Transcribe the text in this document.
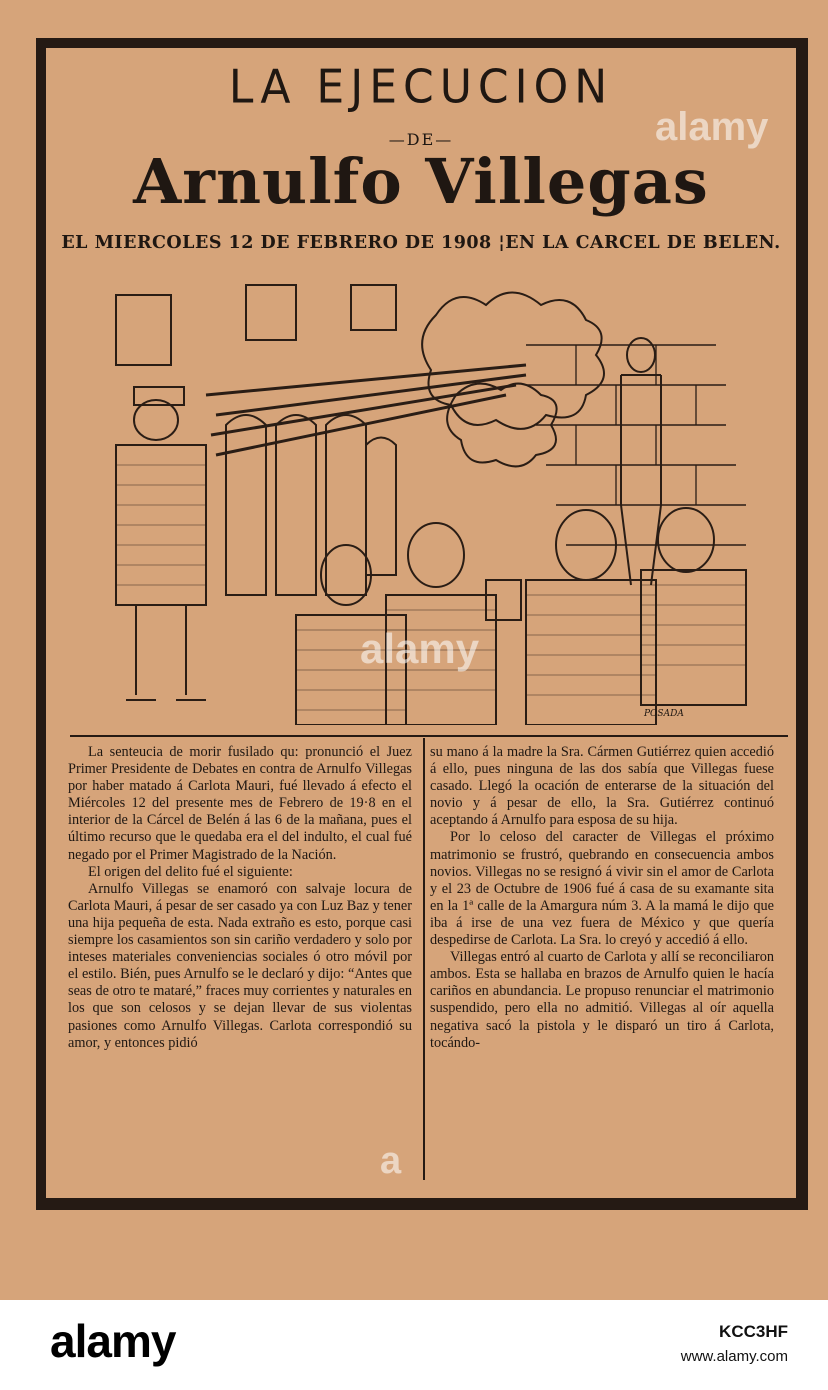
LA EJECUCION
—DE—
Arnulfo Villegas
EL MIERCOLES 12 DE FEBRERO DE 1908 ¦EN LA CARCEL DE BELEN.
POSADA

La senteucia de morir fusilado qu: pronunció el Juez Primer Presidente de Debates en contra de Arnulfo Villegas por haber matado á Carlota Mauri, fué llevado á efecto el Miércoles 12 del presente mes de Febrero de 19·8 en el interior de la Cárcel de Belén á las 6 de la mañana, pues el último recurso que le quedaba era el del indulto, el cual fué negado por el Primer Magistrado de la Nación.

El origen del delito fué el siguiente:

Arnulfo Villegas se enamoró con salvaje locura de Carlota Mauri, á pesar de ser casado ya con Luz Baz y tener una hija pequeña de esta. Nada extraño es esto, porque casi siempre los casamientos son sin cariño verdadero y solo por inteses materiales conveniencias sociales ó otro móvil por el estilo. Bién, pues Arnulfo se le declaró y dijo: “Antes que seas de otro te mataré,” fraces muy corrientes y naturales en los que son celosos y se dejan llevar de sus violentas pasiones como Arnulfo Villegas. Carlota correspondió su amor, y entonces pidió

su mano á la madre la Sra. Cármen Gutiérrez quien accedió á ello, pues ninguna de las dos sabía que Villegas fuese casado. Llegó la ocación de enterarse de la situación del novio y á pesar de ello, la Sra. Gutiérrez continuó aceptando á Arnulfo para esposa de su hija.

Por lo celoso del caracter de Villegas el próximo matrimonio se frustró, quebrando en consecuencia ambos novios. Villegas no se resignó á vivir sin el amor de Carlota y el 23 de Octubre de 1906 fué á casa de su examante sita en la 1ª calle de la Amargura núm 3. A la mamá le dijo que iba á irse de una vez fuera de México y que quería despedirse de Carlota. La Sra. lo creyó y accedió á ello.

Villegas entró al cuarto de Carlota y allí se reconciliaron ambos. Esta se hallaba en brazos de Arnulfo quien le hacía cariños en abundancia. Le propuso renunciar el matrimonio suspendido, pero ella no admitió. Villegas al oír aquella negativa sacó la pistola y le disparó un tiro á Carlota, tocándo-

alamy
alamy
a
alamy	KCC3HF
www.alamy.com
